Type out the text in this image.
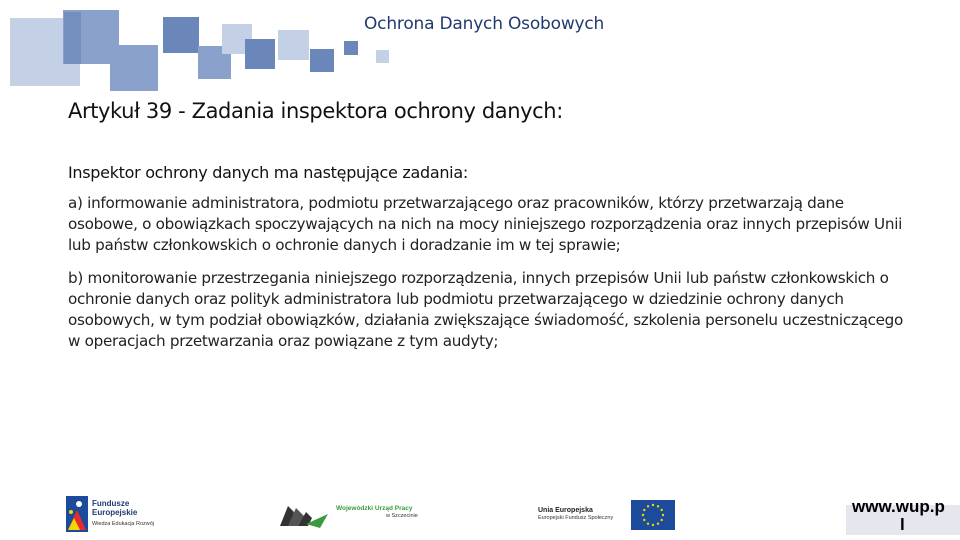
Ochrona Danych Osobowych
Artykuł 39 - Zadania inspektora ochrony danych:
Inspektor ochrony danych ma następujące zadania:

a) informowanie administratora, podmiotu przetwarzającego oraz pracowników, którzy przetwarzają dane osobowe, o obowiązkach spoczywających na nich na mocy niniejszego rozporządzenia oraz innych przepisów Unii lub państw członkowskich o ochronie danych i doradzanie im w tej sprawie;

b) monitorowanie przestrzegania niniejszego rozporządzenia, innych przepisów Unii lub państw członkowskich o ochronie danych oraz polityk administratora lub podmiotu przetwarzającego w dziedzinie ochrony danych osobowych, w tym podział obowiązków, działania zwiększające świadomość, szkolenia personelu uczestniczącego w operacjach przetwarzania oraz powiązane z tym audyty;

Fundusze
Europejskie
Wiedza Edukacja Rozwój
Wojewódzki Urząd Pracy
w Szczecinie
Unia Europejska
Europejski Fundusz Społeczny
www.wup.p
l
